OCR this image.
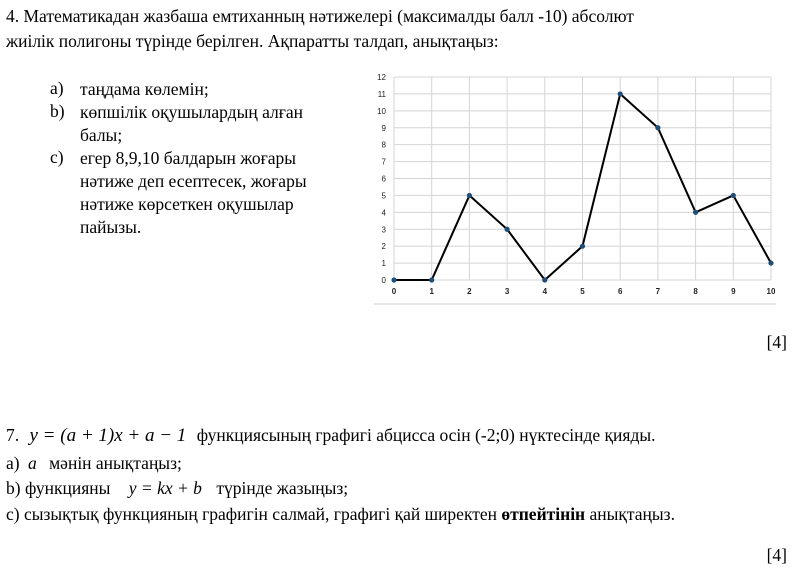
4. Математикадан жазбаша емтиханның нәтижелері (максималды балл -10) абсолют
жиілік полигоны түрінде берілген. Ақпаратты талдап, анықтаңыз:
a) таңдама көлемін;
b) көпшілік оқушылардың алған балы;
c) егер 8,9,10 балдарын жоғары нәтиже деп есептесек, жоғары нәтиже көрсеткен оқушылар пайызы.
0
1
2
3
4
5
6
7
8
9
10
11
12
0	1	2	3	4	5	6	7	8	9	10
[4]
7. y = (a + 1)x + a − 1 функциясының графигі абцисса осін (-2;0) нүктесінде қияды.
a) a мәнін анықтаңыз;
b) функцияны y = kx + b түрінде жазыңыз;
c) сызықтық функцияның графигін салмай, графигі қай ширектен өтпейтінін анықтаңыз.
[4]
